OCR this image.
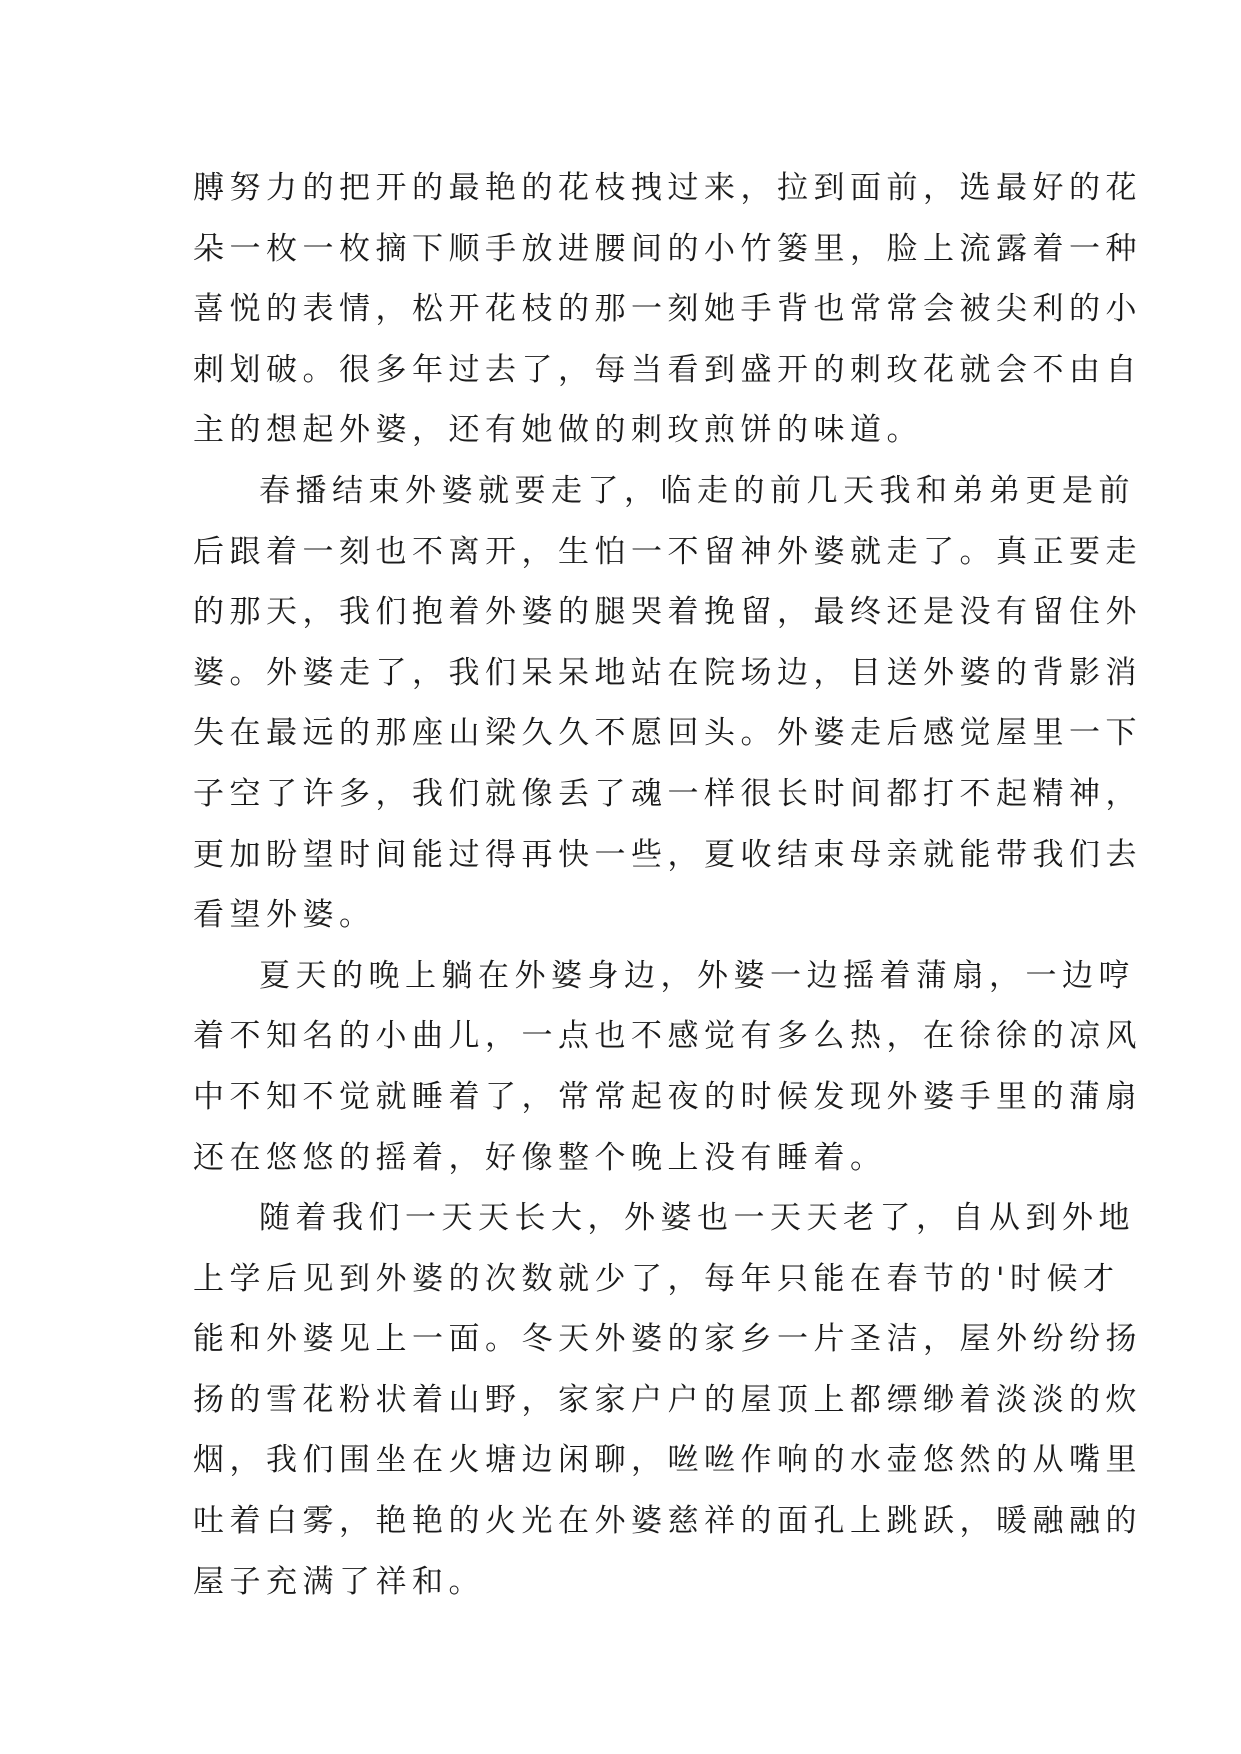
膊努力的把开的最艳的花枝拽过来，拉到面前，选最好的花
朵一枚一枚摘下顺手放进腰间的小竹篓里，脸上流露着一种
喜悦的表情，松开花枝的那一刻她手背也常常会被尖利的小
刺划破。很多年过去了，每当看到盛开的刺玫花就会不由自
主的想起外婆，还有她做的刺玫煎饼的味道。
春播结束外婆就要走了，临走的前几天我和弟弟更是前
后跟着一刻也不离开，生怕一不留神外婆就走了。真正要走
的那天，我们抱着外婆的腿哭着挽留，最终还是没有留住外
婆。外婆走了，我们呆呆地站在院场边，目送外婆的背影消
失在最远的那座山梁久久不愿回头。外婆走后感觉屋里一下
子空了许多，我们就像丢了魂一样很长时间都打不起精神，
更加盼望时间能过得再快一些，夏收结束母亲就能带我们去
看望外婆。
夏天的晚上躺在外婆身边，外婆一边摇着蒲扇，一边哼
着不知名的小曲儿，一点也不感觉有多么热，在徐徐的凉风
中不知不觉就睡着了，常常起夜的时候发现外婆手里的蒲扇
还在悠悠的摇着，好像整个晚上没有睡着。
随着我们一天天长大，外婆也一天天老了，自从到外地
上学后见到外婆的次数就少了，每年只能在春节的'时候才
能和外婆见上一面。冬天外婆的家乡一片圣洁，屋外纷纷扬
扬的雪花粉状着山野，家家户户的屋顶上都缥缈着淡淡的炊
烟，我们围坐在火塘边闲聊，咝咝作响的水壶悠然的从嘴里
吐着白雾，艳艳的火光在外婆慈祥的面孔上跳跃，暖融融的
屋子充满了祥和。
